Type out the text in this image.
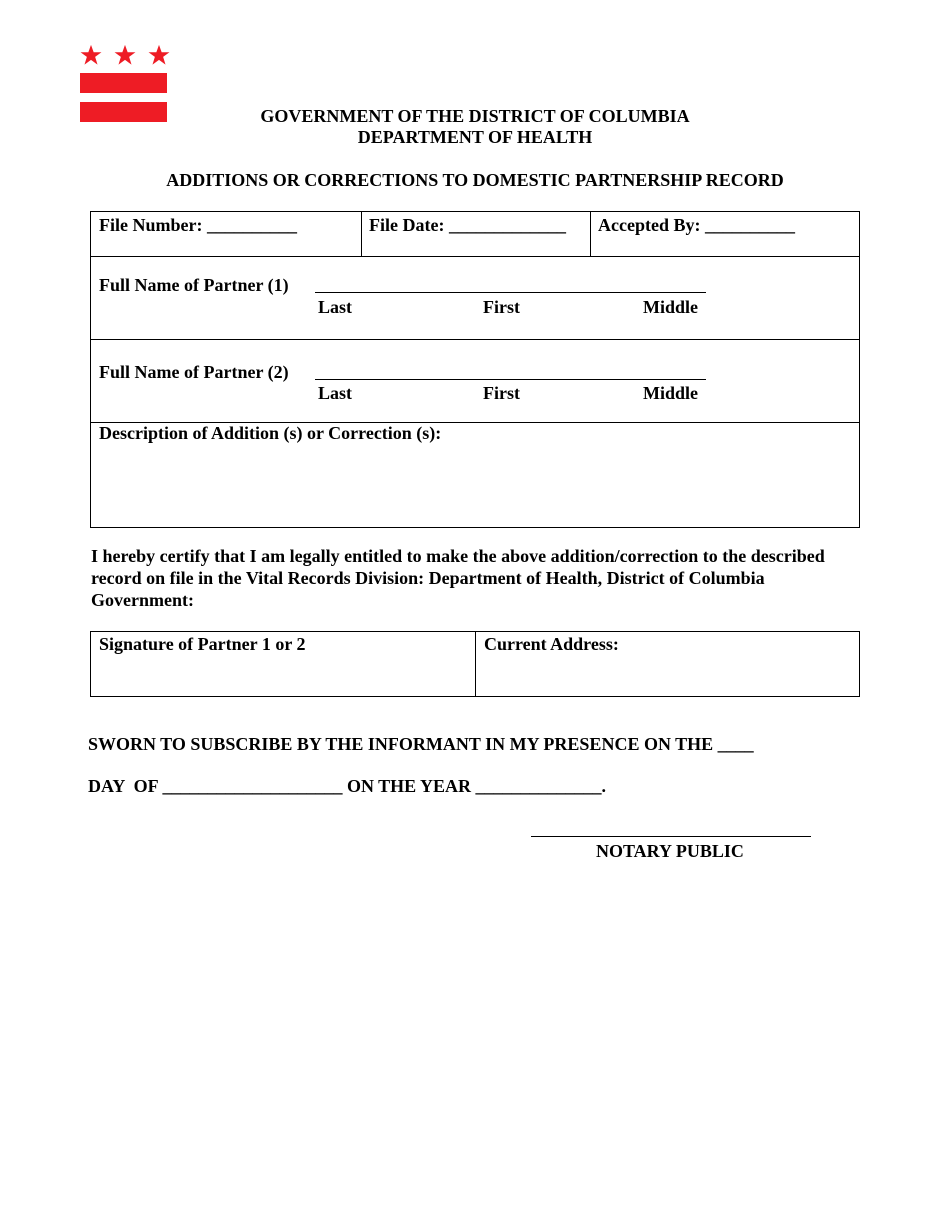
GOVERNMENT OF THE DISTRICT OF COLUMBIA
DEPARTMENT OF HEALTH
ADDITIONS OR CORRECTIONS TO DOMESTIC PARTNERSHIP RECORD
File Number: __________	File Date: _____________ Accepted By: __________
Full Name of Partner (1)
Last	First	Middle
Full Name of Partner (2)
Last	First	Middle
Description of Addition (s) or Correction (s):
I hereby certify that I am legally entitled to make the above addition/correction to the described record on file in the Vital Records Division: Department of Health, District of Columbia Government:
Signature of Partner 1 or 2	Current Address:
SWORN TO SUBSCRIBE BY THE INFORMANT IN MY PRESENCE ON THE ____
DAY  OF ____________________ ON THE YEAR ______________.
NOTARY PUBLIC
